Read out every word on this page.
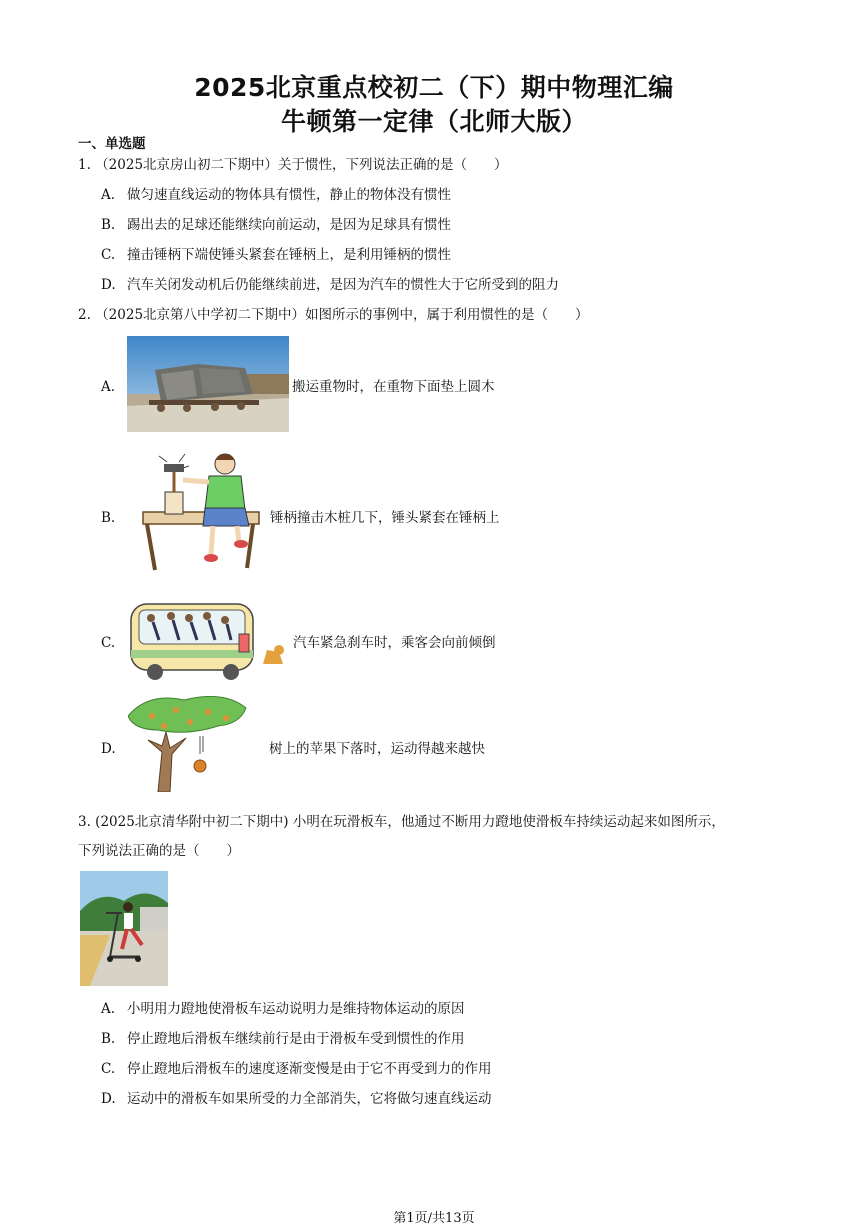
2025北京重点校初二（下）期中物理汇编
牛顿第一定律（北师大版）
一、单选题
1. （2025北京房山初二下期中）关于惯性，下列说法正确的是（　　）
A. 做匀速直线运动的物体具有惯性，静止的物体没有惯性
B. 踢出去的足球还能继续向前运动，是因为足球具有惯性
C. 撞击锤柄下端使锤头紧套在锤柄上，是利用锤柄的惯性
D. 汽车关闭发动机后仍能继续前进，是因为汽车的惯性大于它所受到的阻力
2. （2025北京第八中学初二下期中）如图所示的事例中，属于利用惯性的是（　　）
A.	搬运重物时，在重物下面垫上圆木
B.	锤柄撞击木桩几下，锤头紧套在锤柄上
C.	汽车紧急刹车时，乘客会向前倾倒
D.	树上的苹果下落时，运动得越来越快
3. (2025北京清华附中初二下期中) 小明在玩滑板车，他通过不断用力蹬地使滑板车持续运动起来如图所示，
下列说法正确的是（　　）
A. 小明用力蹬地使滑板车运动说明力是维持物体运动的原因
B. 停止蹬地后滑板车继续前行是由于滑板车受到惯性的作用
C. 停止蹬地后滑板车的速度逐渐变慢是由于它不再受到力的作用
D. 运动中的滑板车如果所受的力全部消失，它将做匀速直线运动
第1页/共13页
